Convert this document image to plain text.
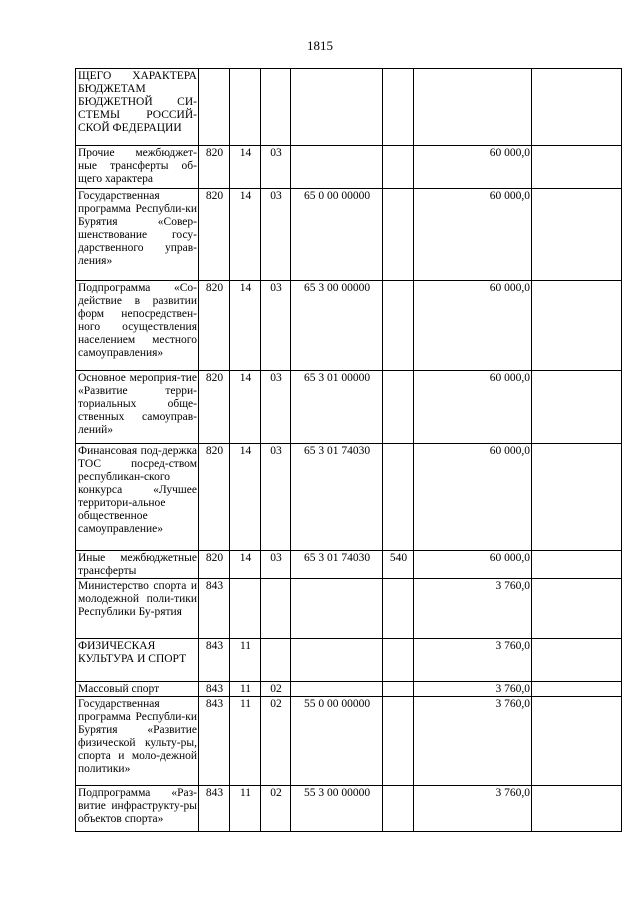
1815
ЩЕГО ХАРАКТЕРА БЮДЖЕТАМ БЮДЖЕТНОЙ СИ-СТЕМЫ РОССИЙ-СКОЙ ФЕДЕРАЦИИ							
Прочие межбюджет-ные трансферты об-щего характера	820	14	03			60 000,0	
Государственная программа Республи-ки Бурятия «Совер-шенствование госу-дарственного управ-ления»	820	14	03	65 0 00 00000		60 000,0	
Подпрограмма «Со-действие в развитии форм непосредствен-ного осуществления населением местного самоуправления»	820	14	03	65 3 00 00000		60 000,0	
Основное мероприя-тие «Развитие терри-ториальных обще-ственных самоуправ-лений»	820	14	03	65 3 01 00000		60 000,0	
Финансовая под-держка ТОС посред-ством республикан-ского конкурса «Лучшее территори-альное общественное самоуправление»	820	14	03	65 3 01 74030		60 000,0	
Иные межбюджетные трансферты	820	14	03	65 3 01 74030	540	60 000,0	
Министерство спорта и молодежной поли-тики Республики Бу-рятия	843					3 760,0	
ФИЗИЧЕСКАЯ КУЛЬТУРА И СПОРТ	843	11				3 760,0	
Массовый спорт	843	11	02			3 760,0	
Государственная программа Республи-ки Бурятия «Развитие физической культу-ры, спорта и моло-дежной политики»	843	11	02	55 0 00 00000		3 760,0	
Подпрограмма «Раз-витие инфраструкту-ры объектов спорта»	843	11	02	55 3 00 00000		3 760,0	
